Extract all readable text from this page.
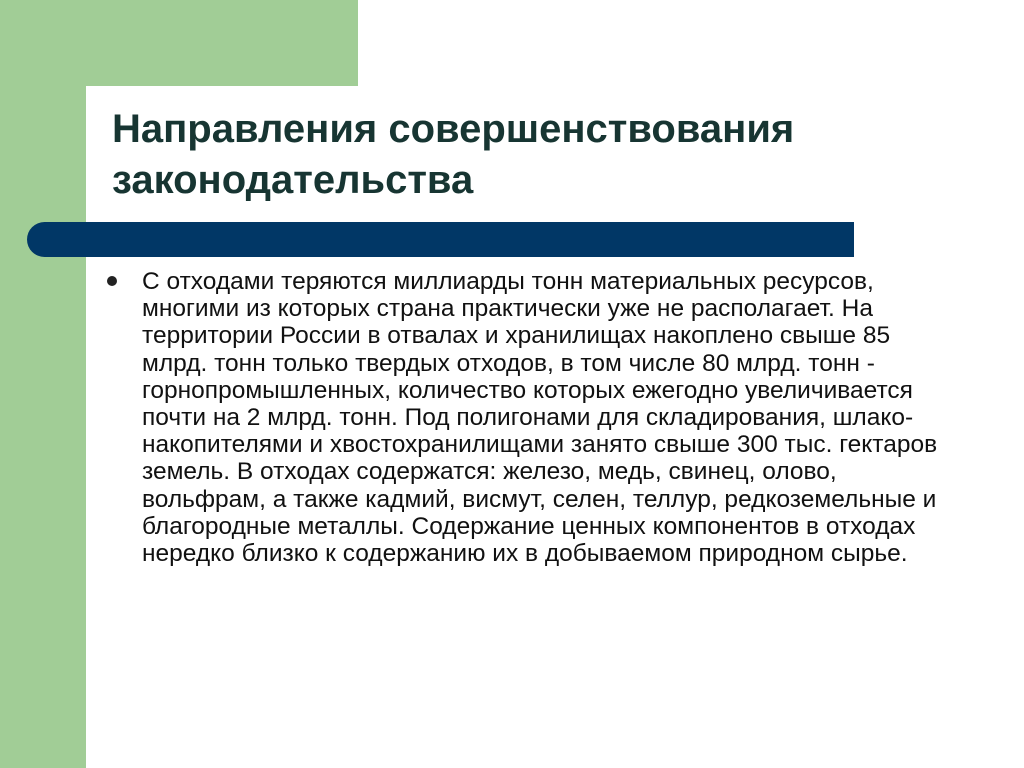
Направления совершенствования
законодательства
С отходами теряются миллиарды тонн материальных ресурсов, многими из которых страна практически уже не располагает. На территории России в отвалах и хранилищах накоплено свыше 85 млрд. тонн только твердых отходов, в том числе 80 млрд. тонн - горнопромышленных, количество которых ежегодно увеличивается почти на 2 млрд. тонн. Под полигонами для складирования, шлако-накопителями и хвостохранилищами занято свыше 300 тыс. гектаров земель. В отходах содержатся: железо, медь, свинец, олово, вольфрам, а также кадмий, висмут, селен, теллур, редкоземельные и благородные металлы. Содержание ценных компонентов в отходах нередко близко к содержанию их в добываемом природном сырье.
